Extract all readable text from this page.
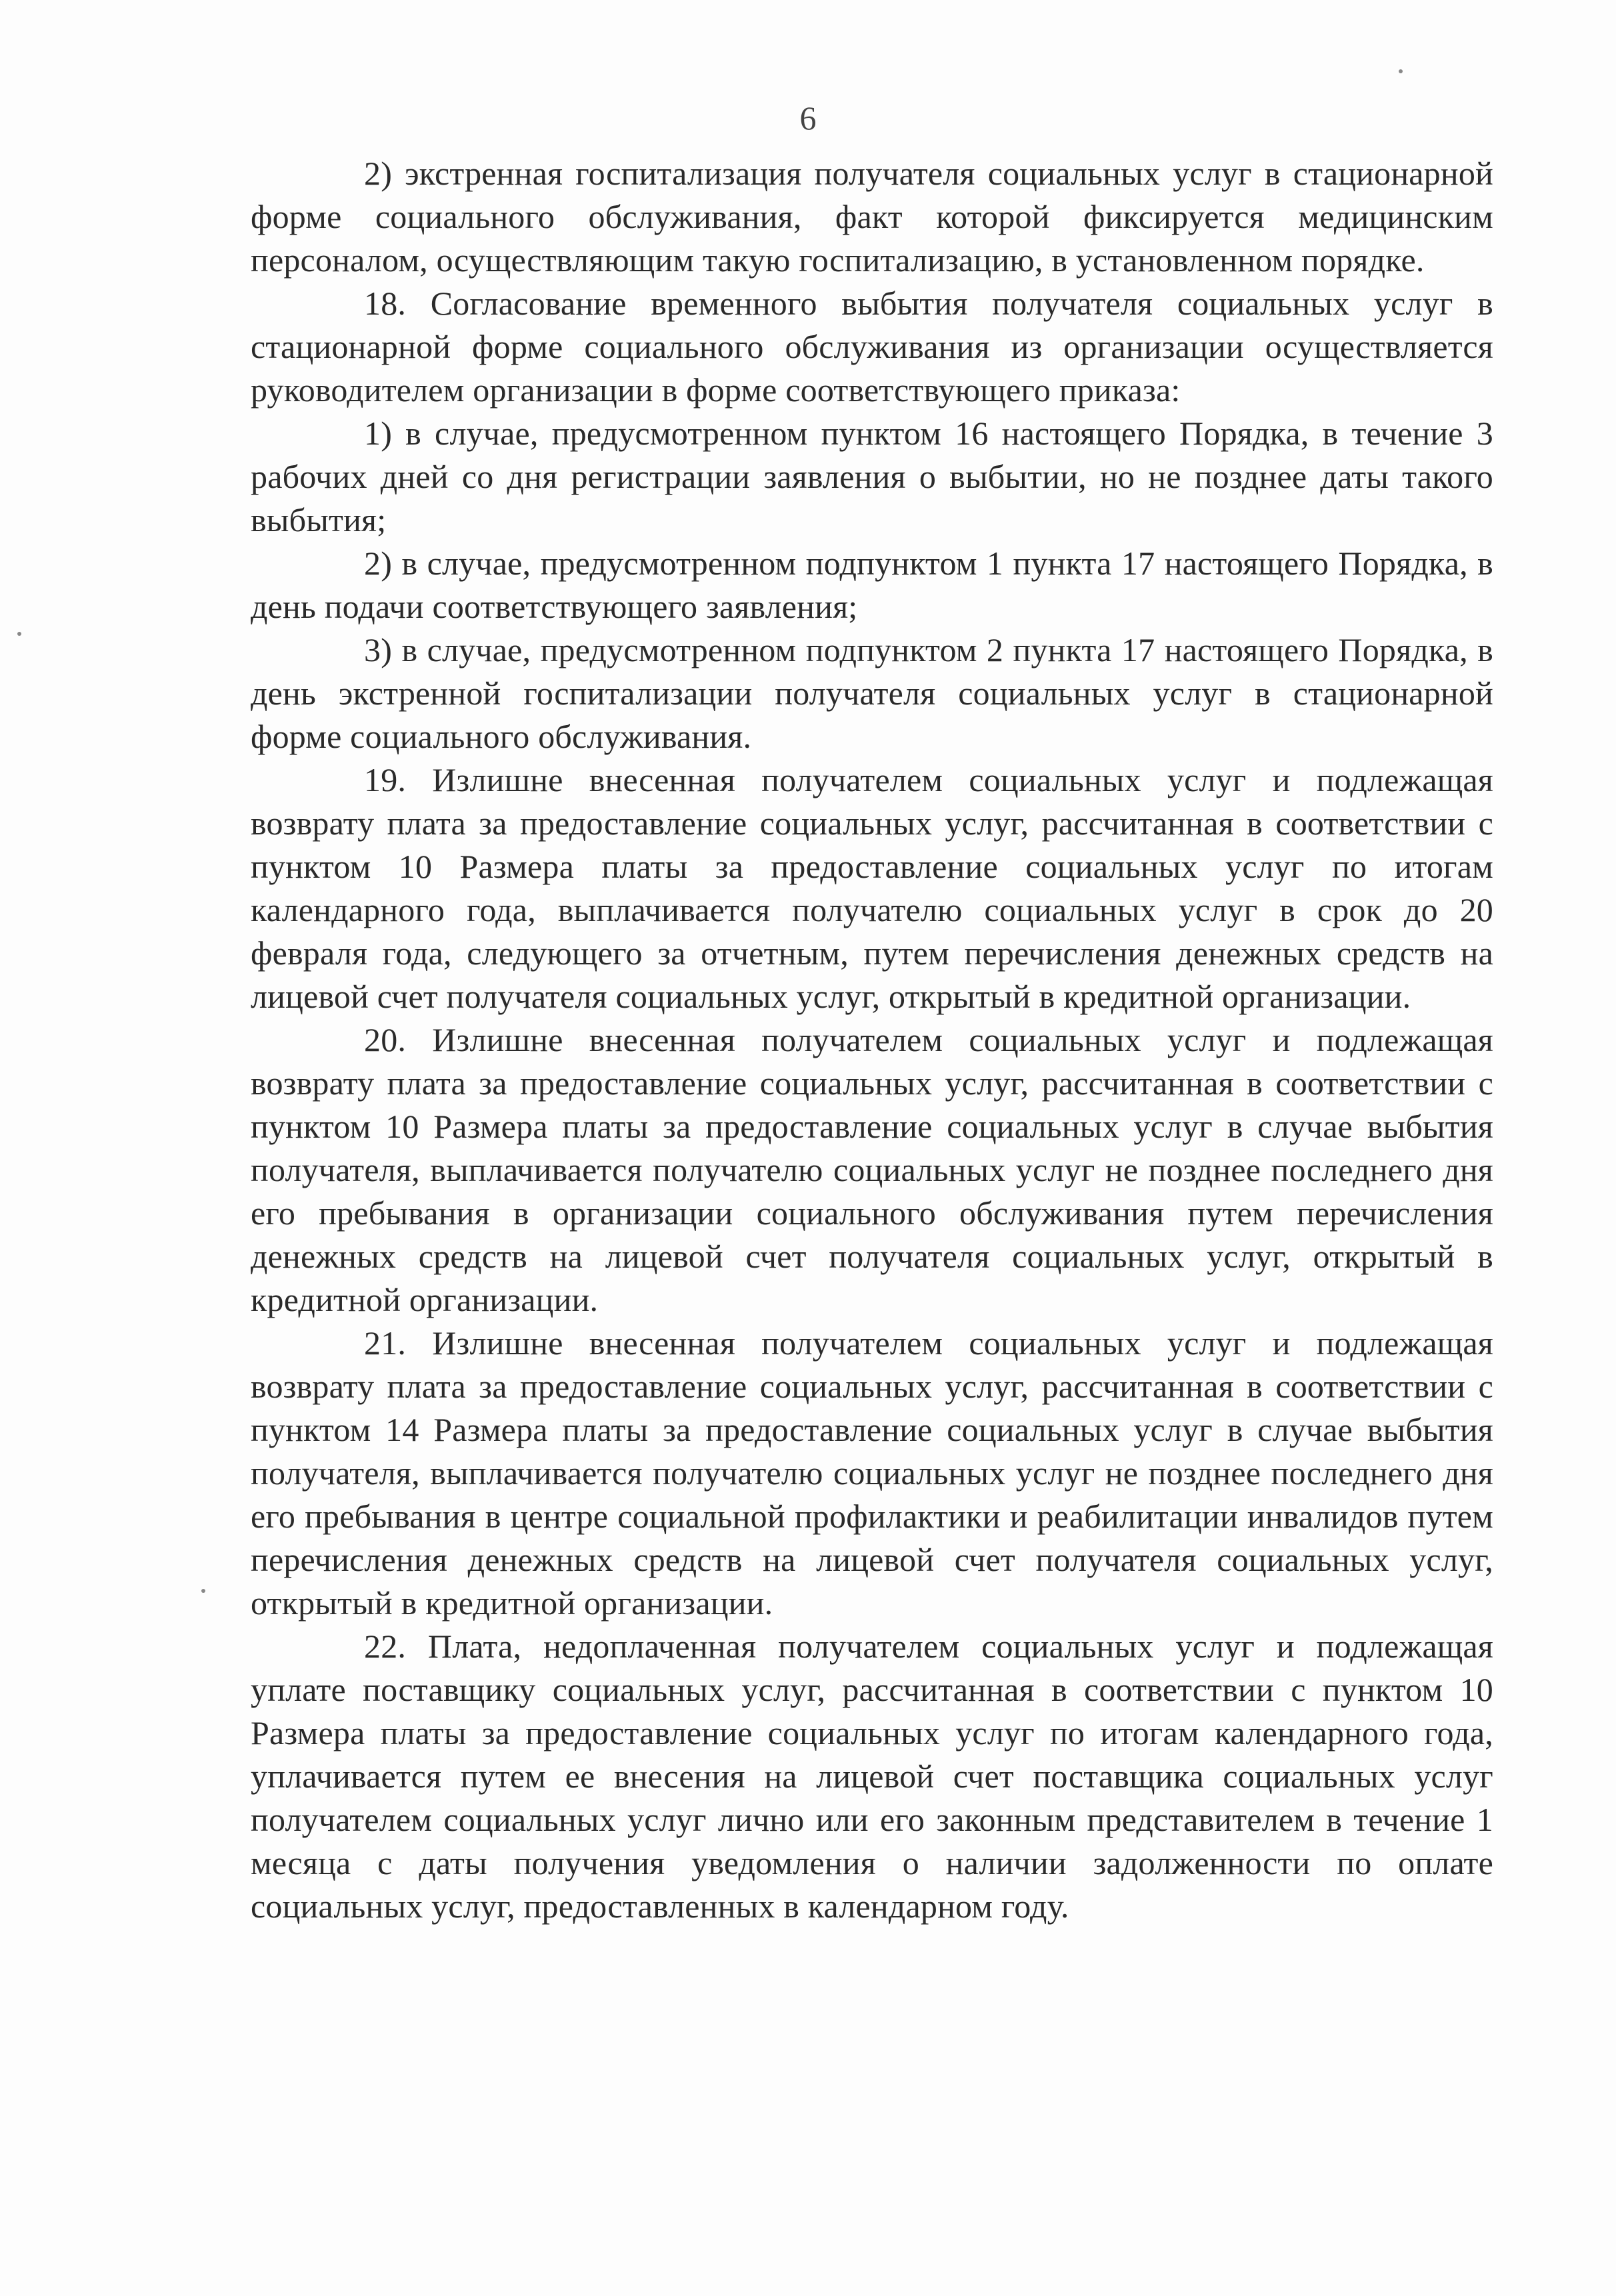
6

2) экстренная госпитализация получателя социальных услуг в стационарной форме социального обслуживания, факт которой фиксируется медицинским персоналом, осуществляющим такую госпитализацию, в установленном порядке.

18. Согласование временного выбытия получателя социальных услуг в стационарной форме социального обслуживания из организации осуществляется руководителем организации в форме соответствующего приказа:

1) в случае, предусмотренном пунктом 16 настоящего Порядка, в течение 3 рабочих дней со дня регистрации заявления о выбытии, но не позднее даты такого выбытия;

2) в случае, предусмотренном подпунктом 1 пункта 17 настоящего Порядка, в день подачи соответствующего заявления;

3) в случае, предусмотренном подпунктом 2 пункта 17 настоящего Порядка, в день экстренной госпитализации получателя социальных услуг в стационарной форме социального обслуживания.

19. Излишне внесенная получателем социальных услуг и подлежащая возврату плата за предоставление социальных услуг, рассчитанная в соответствии с пунктом 10 Размера платы за предоставление социальных услуг по итогам календарного года, выплачивается получателю социальных услуг в срок до 20 февраля года, следующего за отчетным, путем перечисления денежных средств на лицевой счет получателя социальных услуг, открытый в кредитной организации.

20. Излишне внесенная получателем социальных услуг и подлежащая возврату плата за предоставление социальных услуг, рассчитанная в соответствии с пунктом 10 Размера платы за предоставление социальных услуг в случае выбытия получателя, выплачивается получателю социальных услуг не позднее последнего дня его пребывания в организации социального обслуживания путем перечисления денежных средств на лицевой счет получателя социальных услуг, открытый в кредитной организации.

21. Излишне внесенная получателем социальных услуг и подлежащая возврату плата за предоставление социальных услуг, рассчитанная в соответствии с пунктом 14 Размера платы за предоставление социальных услуг в случае выбытия получателя, выплачивается получателю социальных услуг не позднее последнего дня его пребывания в центре социальной профилактики и реабилитации инвалидов путем перечисления денежных средств на лицевой счет получателя социальных услуг, открытый в кредитной организации.

22. Плата, недоплаченная получателем социальных услуг и подлежащая уплате поставщику социальных услуг, рассчитанная в соответствии с пунктом 10 Размера платы за предоставление социальных услуг по итогам календарного года, уплачивается путем ее внесения на лицевой счет поставщика социальных услуг получателем социальных услуг лично или его законным представителем в течение 1 месяца с даты получения уведомления о наличии задолженности по оплате социальных услуг, предоставленных в календарном году.
